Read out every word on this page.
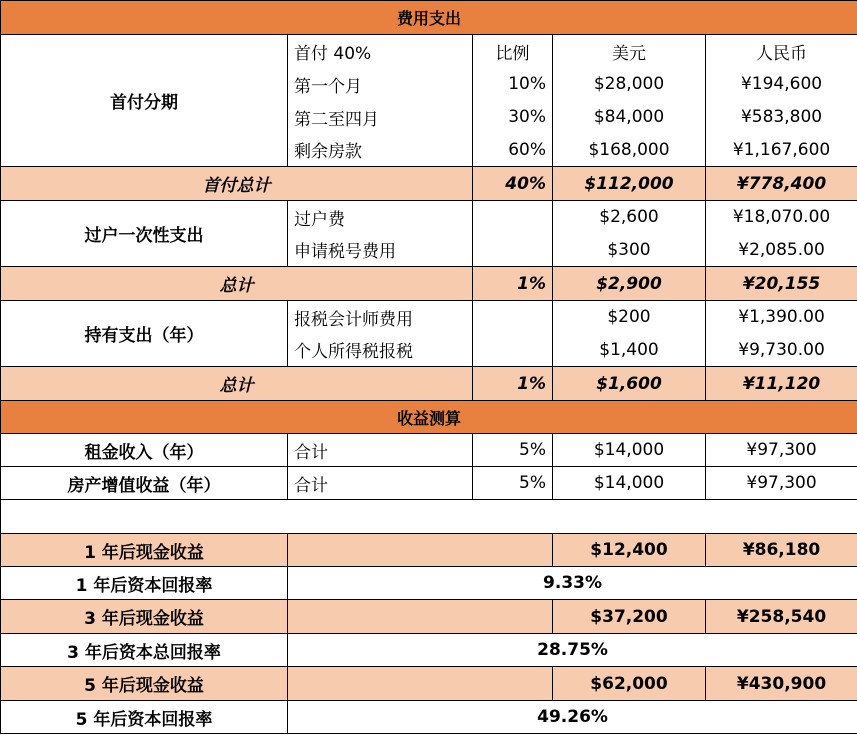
费用支出				
首付分期	首付 40%	比例	美元	人民币
	第一个月	10%	$28,000	¥194,600
	第二至四月	30%	$84,000	¥583,800
	剩余房款	60%	$168,000	¥1,167,600
首付总计		40%	$112,000	¥778,400
过户一次性支出	过户费		$2,600	¥18,070.00
	申请税号费用		$300	¥2,085.00
总计		1%	$2,900	¥20,155
持有支出（年）	报税会计师费用		$200	¥1,390.00
	个人所得税报税		$1,400	¥9,730.00
总计		1%	$1,600	¥11,120
收益测算				
租金收入（年）	合计	5%	$14,000	¥97,300
房产增值收益（年）	合计	5%	$14,000	¥97,300

1 年后现金收益			$12,400	¥86,180
1 年后资本回报率	9.33%			
3 年后现金收益			$37,200	¥258,540
3 年后资本总回报率	28.75%			
5 年后现金收益			$62,000	¥430,900
5 年后资本回报率	49.26%			
